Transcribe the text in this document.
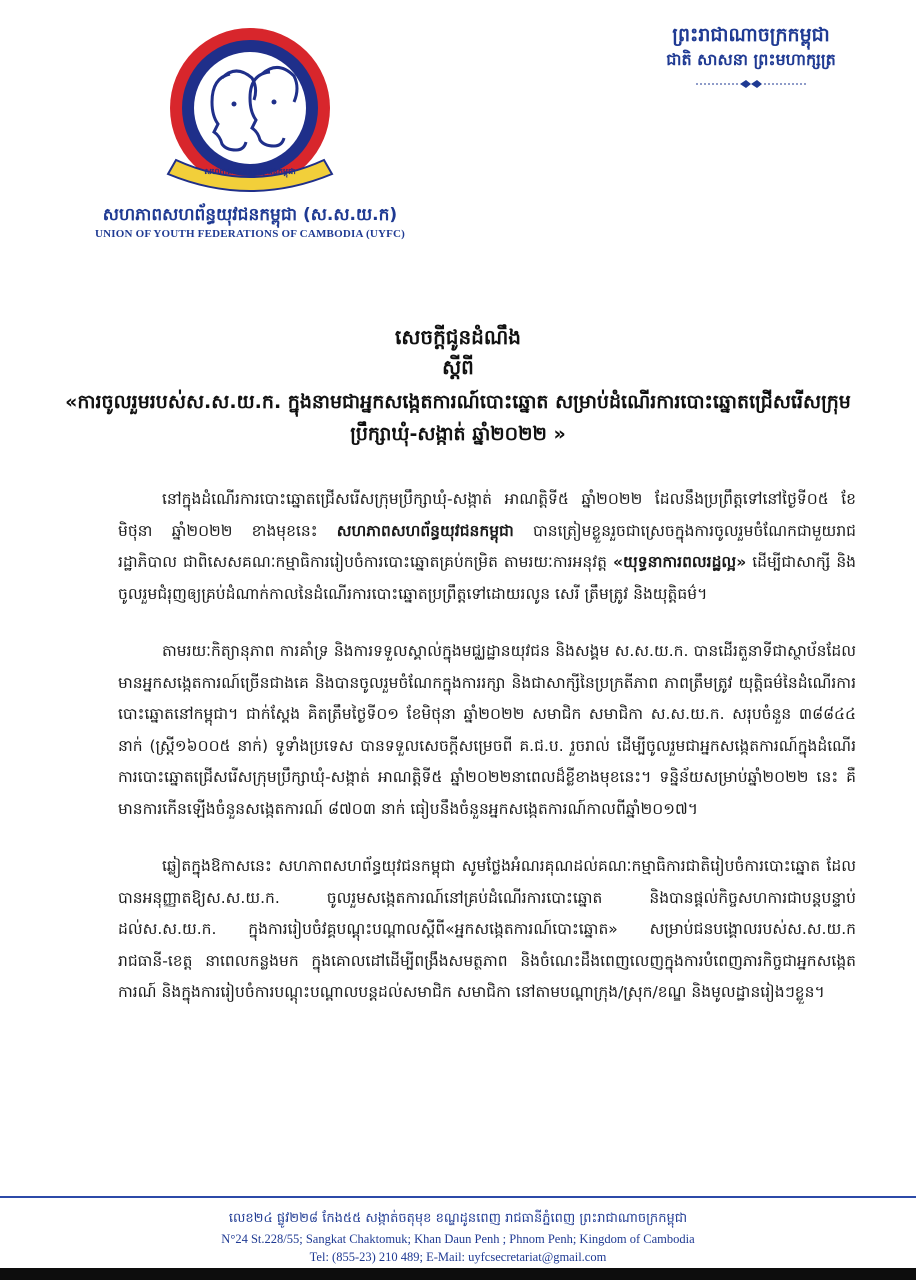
សហភាពសហព័ន្ធយុវជនកម្ពុជា
សហភាពសហព័ន្ធយុវជនកម្ពុជា (ស.ស.យ.ក)
UNION OF YOUTH FEDERATIONS OF CAMBODIA (UYFC)
ព្រះរាជាណាចក្រកម្ពុជា
ជាតិ សាសនា ព្រះមហាក្សត្រ
សេចក្តីជូនដំណឹង
ស្តីពី
«ការចូលរួមរបស់ស.ស.យ.ក. ក្នុងនាមជាអ្នកសង្កេតការណ៍បោះឆ្នោត សម្រាប់ដំណើរការបោះឆ្នោតជ្រើសរើសក្រុមប្រឹក្សាឃុំ-សង្កាត់ ឆ្នាំ២០២២ »

នៅក្នុងដំណើរការបោះឆ្នោតជ្រើសរើសក្រុមប្រឹក្សាឃុំ-សង្កាត់ អាណត្តិទី៥ ឆ្នាំ២០២២ ដែលនឹងប្រព្រឹត្តទៅនៅថ្ងៃទី០៥ ខែមិថុនា ឆ្នាំ២០២២ ខាងមុខនេះ សហភាពសហព័ន្ធយុវជនកម្ពុជា បានត្រៀមខ្លួនរួចជាស្រេចក្នុងការចូលរួមចំណែកជាមួយរាជរដ្ឋាភិបាល ជាពិសេសគណៈកម្មាធិការរៀបចំការបោះឆ្នោតគ្រប់កម្រិត តាមរយៈការអនុវត្ត «យុទ្ធនាការពលរដ្ឋល្អ» ដើម្បីជាសាក្សី និងចូលរួមជំរុញឲ្យគ្រប់ដំណាក់កាលនៃដំណើរការបោះឆ្នោតប្រព្រឹត្តទៅដោយរលូន សេរី ត្រឹមត្រូវ និងយុត្តិធម៌។

តាមរយៈកិត្យានុភាព ការគាំទ្រ និងការទទួលស្គាល់ក្នុងមជ្ឈដ្ឋានយុវជន និងសង្គម ស.ស.យ.ក. បានដើរតួនាទីជាស្ថាប័នដែលមានអ្នកសង្កេតការណ៍ច្រើនជាងគេ និងបានចូលរួមចំណែកក្នុងការរក្សា និងជាសាក្សីនៃប្រក្រតីភាព ភាពត្រឹមត្រូវ យុត្តិធម៌នៃដំណើរការបោះឆ្នោតនៅកម្ពុជា។ ជាក់ស្តែង គិតត្រឹមថ្ងៃទី០១ ខែមិថុនា ឆ្នាំ២០២២ សមាជិក សមាជិកា ស.ស.យ.ក. សរុបចំនួន ៣៨៨៤៤ នាក់ (ស្ត្រី១៦០០៥ នាក់) ទូទាំងប្រទេស បានទទួលសេចក្តីសម្រេចពី គ.ជ.ប. រួចរាល់ ដើម្បីចូលរួមជាអ្នកសង្កេតការណ៍ក្នុងដំណើរការបោះឆ្នោតជ្រើសរើសក្រុមប្រឹក្សាឃុំ-សង្កាត់ អាណត្តិទី៥ ឆ្នាំ២០២២នាពេលដ៏ខ្លីខាងមុខនេះ។ ទន្និន័យសម្រាប់ឆ្នាំ២០២២ នេះ គឺមានការកើនឡើងចំនួនសង្កេតការណ៍ ៨៧០៣ នាក់ ធៀបនឹងចំនួនអ្នកសង្កេតការណ៍កាលពីឆ្នាំ២០១៧។

ឆ្លៀតក្នុងឱកាសនេះ សហភាពសហព័ន្ធយុវជនកម្ពុជា សូមថ្លែងអំណរគុណដល់គណៈកម្មាធិការជាតិរៀបចំការបោះឆ្នោត ដែលបានអនុញ្ញាតឱ្យស.ស.យ.ក. ចូលរួមសង្កេតការណ៍នៅគ្រប់ដំណើរការបោះឆ្នោត និងបានផ្តល់កិច្ចសហការជាបន្តបន្ទាប់ដល់ស.ស.យ.ក. ក្នុងការរៀបចំវគ្គបណ្តុះបណ្តាលស្តីពី«អ្នកសង្កេតការណ៍បោះឆ្នោត» សម្រាប់ជនបង្គោលរបស់ស.ស.យ.ក រាជធានី-ខេត្ត នាពេលកន្លងមក ក្នុងគោលដៅដើម្បីពង្រឹងសមត្ថភាព និងចំណេះដឹងពេញលេញក្នុងការបំពេញភារកិច្ចជាអ្នកសង្កេតការណ៍ និងក្នុងការរៀបចំការបណ្តុះបណ្តាលបន្តដល់សមាជិក សមាជិកា នៅតាមបណ្តាក្រុង/ស្រុក/ខណ្ឌ និងមូលដ្ឋានរៀងៗខ្លួន។

លេខ២៤ ផ្លូវ២២៨ កែង៥៥ សង្កាត់ចតុមុខ ខណ្ឌដូនពេញ រាជធានីភ្នំពេញ ព្រះរាជាណាចក្រកម្ពុជា
N°24 St.228/55; Sangkat Chaktomuk; Khan Daun Penh ; Phnom Penh; Kingdom of Cambodia
Tel: (855-23) 210 489; E-Mail: uyfcsecretariat@gmail.com
